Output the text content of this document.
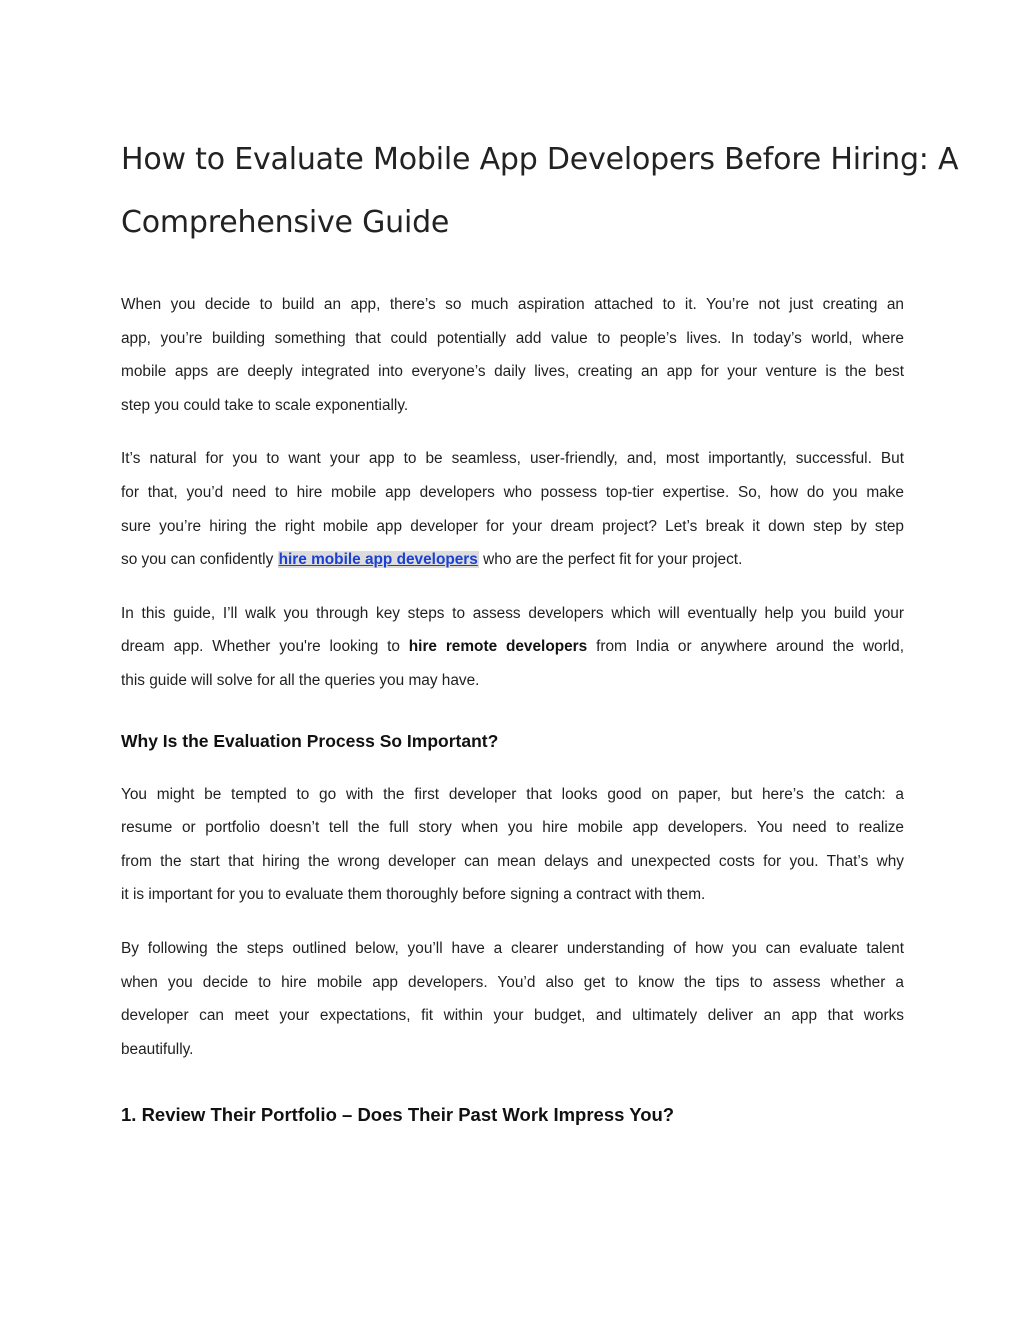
How to Evaluate Mobile App Developers Before Hiring: A
Comprehensive Guide

When you decide to build an app, there’s so much aspiration attached to it. You’re not just creating an
app, you’re building something that could potentially add value to people’s lives. In today’s world, where
mobile apps are deeply integrated into everyone’s daily lives, creating an app for your venture is the best
step you could take to scale exponentially.

It’s natural for you to want your app to be seamless, user-friendly, and, most importantly, successful. But
for that, you’d need to hire mobile app developers who possess top-tier expertise. So, how do you make
sure you’re hiring the right mobile app developer for your dream project? Let’s break it down step by step
so you can confidently hire mobile app developers who are the perfect fit for your project.

In this guide, I’ll walk you through key steps to assess developers which will eventually help you build your
dream app. Whether you're looking to hire remote developers from India or anywhere around the world,
this guide will solve for all the queries you may have.

Why Is the Evaluation Process So Important?

You might be tempted to go with the first developer that looks good on paper, but here’s the catch: a
resume or portfolio doesn’t tell the full story when you hire mobile app developers. You need to realize
from the start that hiring the wrong developer can mean delays and unexpected costs for you. That’s why
it is important for you to evaluate them thoroughly before signing a contract with them.

By following the steps outlined below, you’ll have a clearer understanding of how you can evaluate talent
when you decide to hire mobile app developers. You’d also get to know the tips to assess whether a
developer can meet your expectations, fit within your budget, and ultimately deliver an app that works
beautifully.

1. Review Their Portfolio – Does Their Past Work Impress You?
